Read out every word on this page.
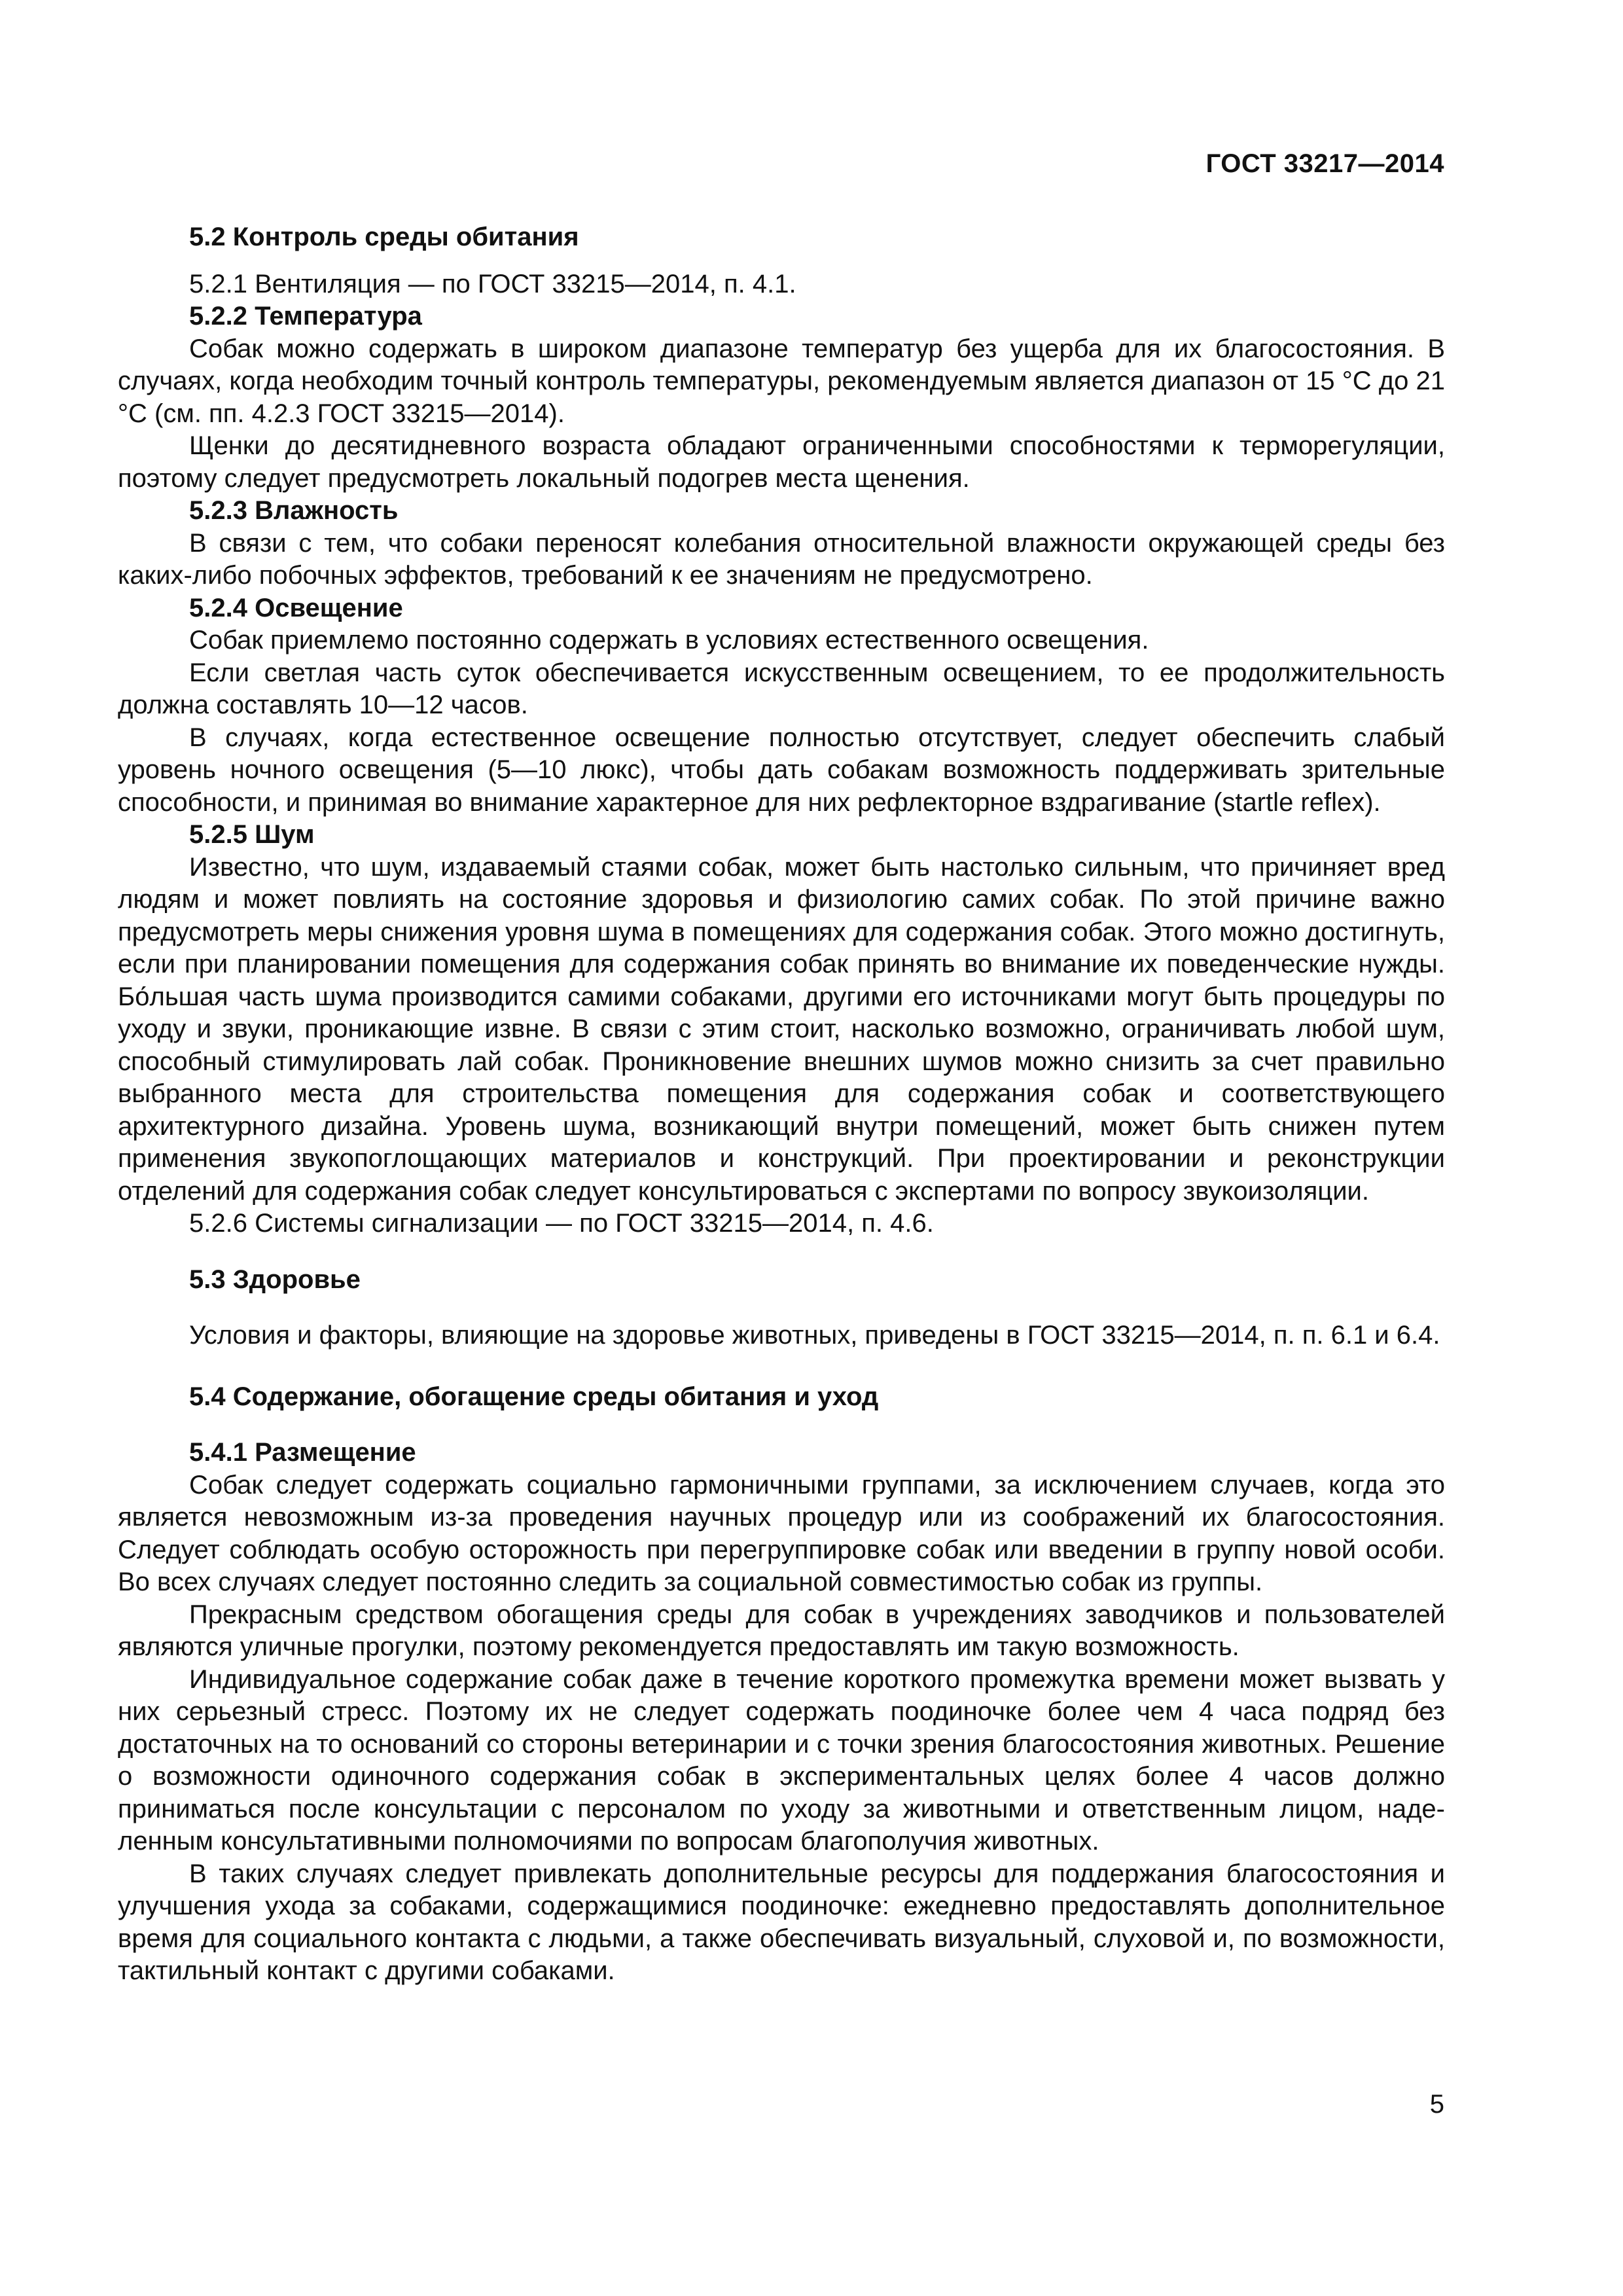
ГОСТ 33217—2014

5.2 Контроль среды обитания

5.2.1 Вентиляция — по ГОСТ 33215—2014, п. 4.1.

5.2.2 Температура

Собак можно содержать в широком диапазоне температур без ущерба для их благосостояния. В случаях, когда необходим точный контроль температуры, рекомендуемым является диапазон от 15 °С до 21 °С (см. пп. 4.2.3 ГОСТ 33215—2014).

Щенки до десятидневного возраста обладают ограниченными способностями к терморегуляции, поэтому следует предусмотреть локальный подогрев места щенения.

5.2.3 Влажность

В связи с тем, что собаки переносят колебания относительной влажности окружающей среды без каких-либо побочных эффектов, требований к ее значениям не предусмотрено.

5.2.4 Освещение

Собак приемлемо постоянно содержать в условиях естественного освещения.

Если светлая часть суток обеспечивается искусственным освещением, то ее продолжительность должна составлять 10—12 часов.

В случаях, когда естественное освещение полностью отсутствует, следует обеспечить слабый уровень ночного освещения (5—10 люкс), чтобы дать собакам возможность поддерживать зрительные способности, и принимая во внимание характерное для них рефлекторное вздрагивание (startle reflex).

5.2.5 Шум

Известно, что шум, издаваемый стаями собак, может быть настолько сильным, что причиняет вред людям и может повлиять на состояние здоровья и физиологию самих собак. По этой причине важно предусмотреть меры снижения уровня шума в помещениях для содержания собак. Этого можно достигнуть, если при планировании помещения для содержания собак принять во внимание их поведенческие нужды. Бо́льшая часть шума производится самими собаками, другими его источниками могут быть процедуры по уходу и звуки, проникающие извне. В связи с этим стоит, насколько возможно, ограничивать любой шум, способный стимулировать лай собак. Проникновение внешних шумов можно снизить за счет правильно выбранного места для строительства помещения для содержания собак и соответствующего архитектурного дизайна. Уровень шума, возникающий внутри помещений, может быть снижен путем применения звукопоглощающих материалов и конструкций. При проектировании и реконструкции отделений для содержания собак следует консультироваться с экспертами по вопросу звукоизоляции.

5.2.6 Системы сигнализации — по ГОСТ 33215—2014, п. 4.6.

5.3 Здоровье

Условия и факторы, влияющие на здоровье животных, приведены в ГОСТ 33215—2014, п. п. 6.1 и 6.4.

5.4 Содержание, обогащение среды обитания и уход

5.4.1 Размещение

Собак следует содержать социально гармоничными группами, за исключением случаев, когда это является невозможным из-за проведения научных процедур или из соображений их благосостояния. Следует соблюдать особую осторожность при перегруппировке собак или введении в группу новой особи. Во всех случаях следует постоянно следить за социальной совместимостью собак из группы.

Прекрасным средством обогащения среды для собак в учреждениях заводчиков и пользователей являются уличные прогулки, поэтому рекомендуется предоставлять им такую возможность.

Индивидуальное содержание собак даже в течение короткого промежутка времени может вызвать у них серьезный стресс. Поэтому их не следует содержать поодиночке более чем 4 часа подряд без достаточных на то оснований со стороны ветеринарии и с точки зрения благосостояния животных. Решение о возможности одиночного содержания собак в экспериментальных целях более 4 часов должно приниматься после консультации с персоналом по уходу за животными и ответственным лицом, наделенным консультативными полномочиями по вопросам благополучия животных.

В таких случаях следует привлекать дополнительные ресурсы для поддержания благосостояния и улучшения ухода за собаками, содержащимися поодиночке: ежедневно предоставлять дополнительное время для социального контакта с людьми, а также обеспечивать визуальный, слуховой и, по возможности, тактильный контакт с другими собаками.

5
